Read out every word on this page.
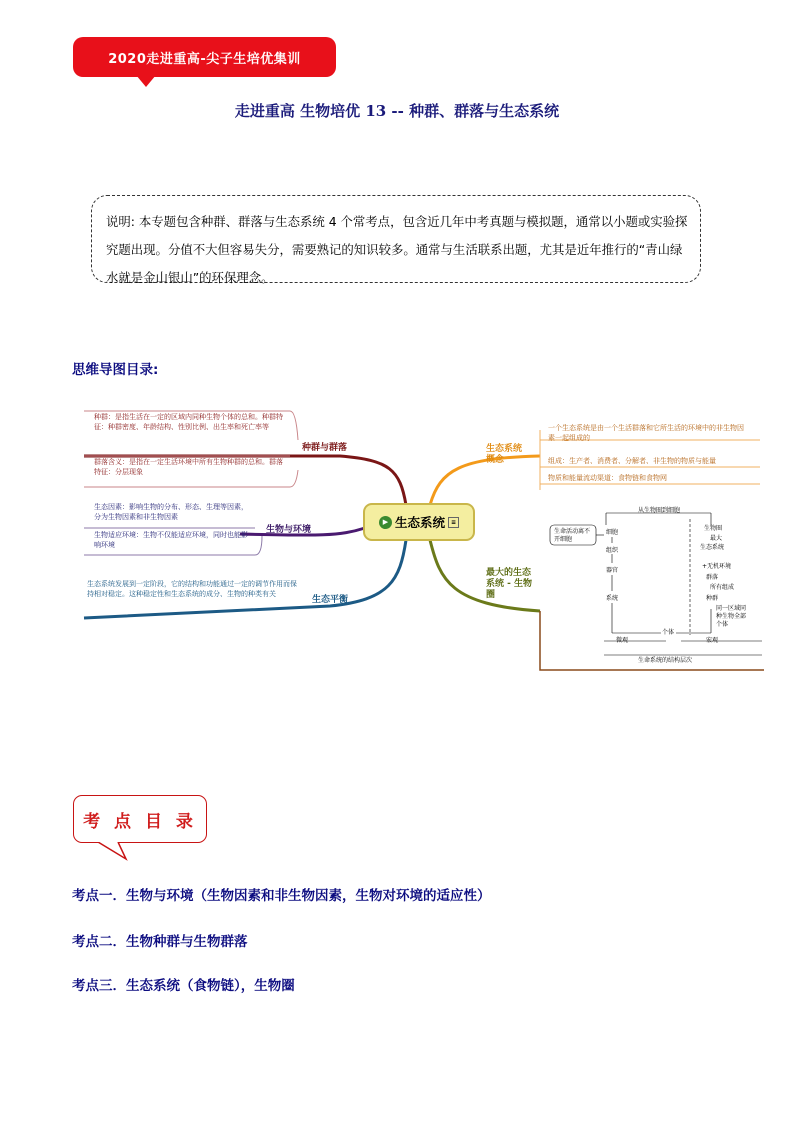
2020走进重高-尖子生培优集训
走进重高 生物培优 13 -- 种群、群落与生态系统
说明: 本专题包含种群、群落与生态系统 4 个常考点，包含近几年中考真题与模拟题，通常以小题或实验探究题出现。分值不大但容易失分，需要熟记的知识较多。通常与生活联系出题，尤其是近年推行的“青山绿水就是金山银山”的环保理念。
思维导图目录:
种群：是指生活在一定的区域内同种生物个体的总和。种群特征：种群密度、年龄结构、性别比例、出生率和死亡率等
群落含义：是指在一定生活环境中所有生物种群的总和。群落特征：分层现象
种群与群落
生态因素：影响生物的分布、形态、生理等因素，分为生物因素和非生物因素
生物适应环境：生物不仅能适应环境，同时也能影响环境
生物与环境
生态系统发展到一定阶段，它的结构和功能通过一定的调节作用而保持相对稳定。这种稳定性和生态系统的成分、生物的种类有关
生态平衡
▶ 生态系统 ≡
生态系统概念
一个生态系统是由一个生活群落和它所生活的环境中的非生物因素一起组成的
组成：生产者、消费者、分解者、非生物的物质与能量
物质和能量流动渠道：食物链和食物网
最大的生态系统 - 生物圈
从生物圈到细胞
生命活动离不开细胞
细胞
组织
器官
系统
生物圈
最大
生态系统
+无机环境
群落
所有组成
种群
同一区域同种生物全部个体
个体
微观	宏观
生命系统的结构层次
考 点 目 录
考点一．生物与环境（生物因素和非生物因素，生物对环境的适应性）
考点二．生物种群与生物群落
考点三．生态系统（食物链），生物圈
